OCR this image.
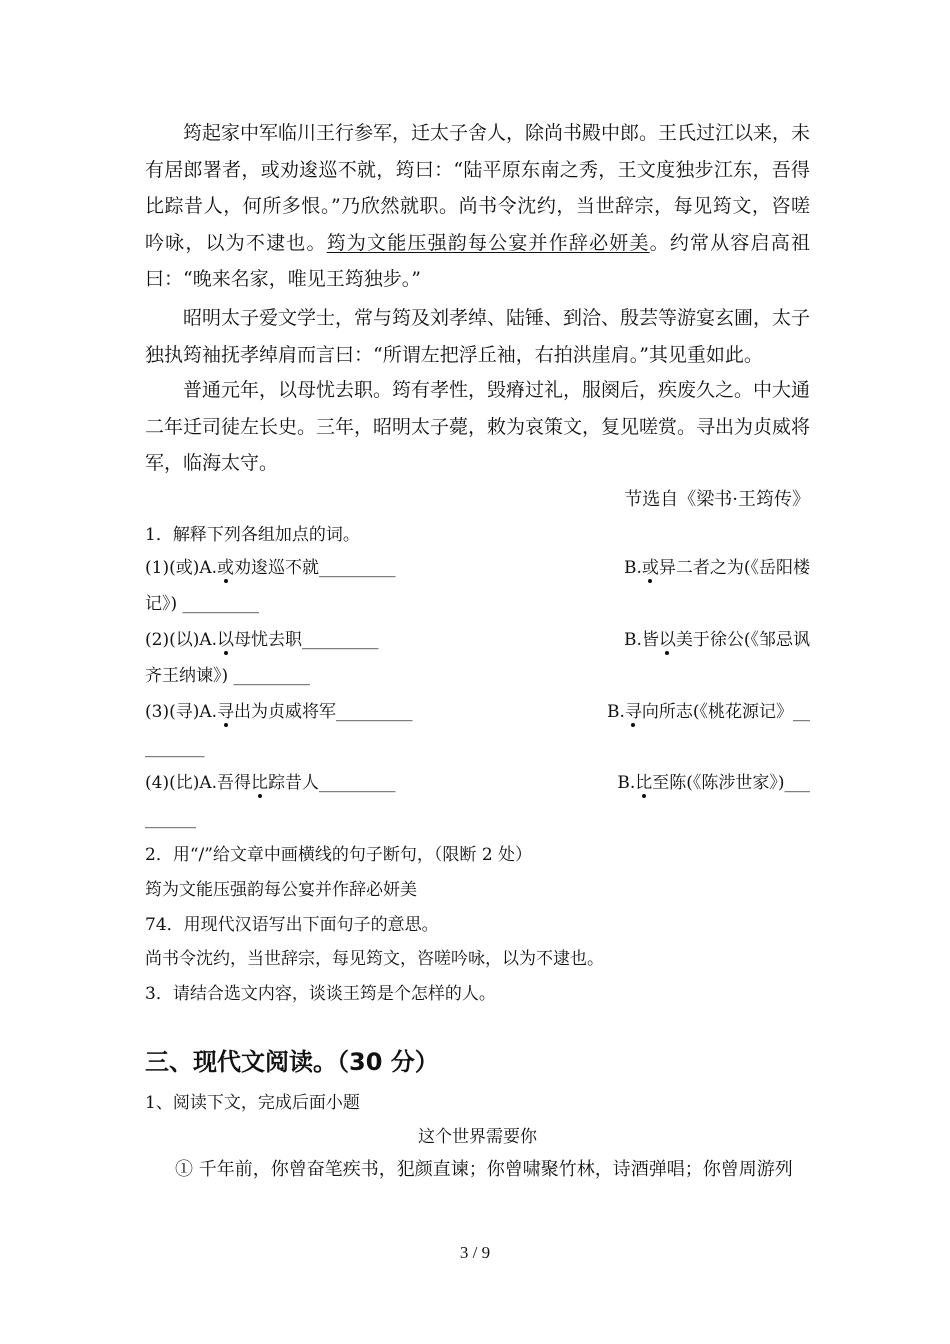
筠起家中军临川王行参军，迁太子舍人，除尚书殿中郎。王氏过江以来，未有居郎署者，或劝逡巡不就，筠曰：“陆平原东南之秀，王文度独步江东，吾得比踪昔人，何所多恨。”乃欣然就职。尚书令沈约，当世辞宗，每见筠文，咨嗟吟咏，以为不逮也。筠为文能压强韵每公宴并作辞必妍美。约常从容启高祖曰：“晚来名家，唯见王筠独步。”

昭明太子爱文学士，常与筠及刘孝绰、陆锤、到洽、殷芸等游宴玄圃，太子独执筠袖抚孝绰肩而言曰：“所谓左把浮丘袖，右拍洪崖肩。”其见重如此。

普通元年，以母忧去职。筠有孝性，毁瘠过礼，服阕后，疾废久之。中大通二年迁司徒左长史。三年，昭明太子薨，敕为哀策文，复见嗟赏。寻出为贞威将军，临海太守。

节选自《梁书·王筠传》
1．解释下列各组加点的词。
(1)(或)A.或劝逡巡不就_________	B.或异二者之为(《岳阳楼
记》) _________
(2)(以)A.以母忧去职_________	B.皆以美于徐公(《邹忌讽
齐王纳谏》) _________
(3)(寻)A.寻出为贞威将军_________	B.寻向所志(《桃花源记》__
_______
(4)(比)A.吾得比踪昔人_________	B.比至陈(《陈涉世家》)___
______
2．用“/”给文章中画横线的句子断句，（限断 2 处）
筠为文能压强韵每公宴并作辞必妍美
74．用现代汉语写出下面句子的意思。
尚书令沈约，当世辞宗，每见筠文，咨嗟吟咏，以为不逮也。
3．请结合选文内容，谈谈王筠是个怎样的人。
三、现代文阅读。（30 分）
1、阅读下文，完成后面小题
这个世界需要你
① 千年前，你曾奋笔疾书，犯颜直谏；你曾啸聚竹林，诗酒弹唱；你曾周游列
3 / 9
